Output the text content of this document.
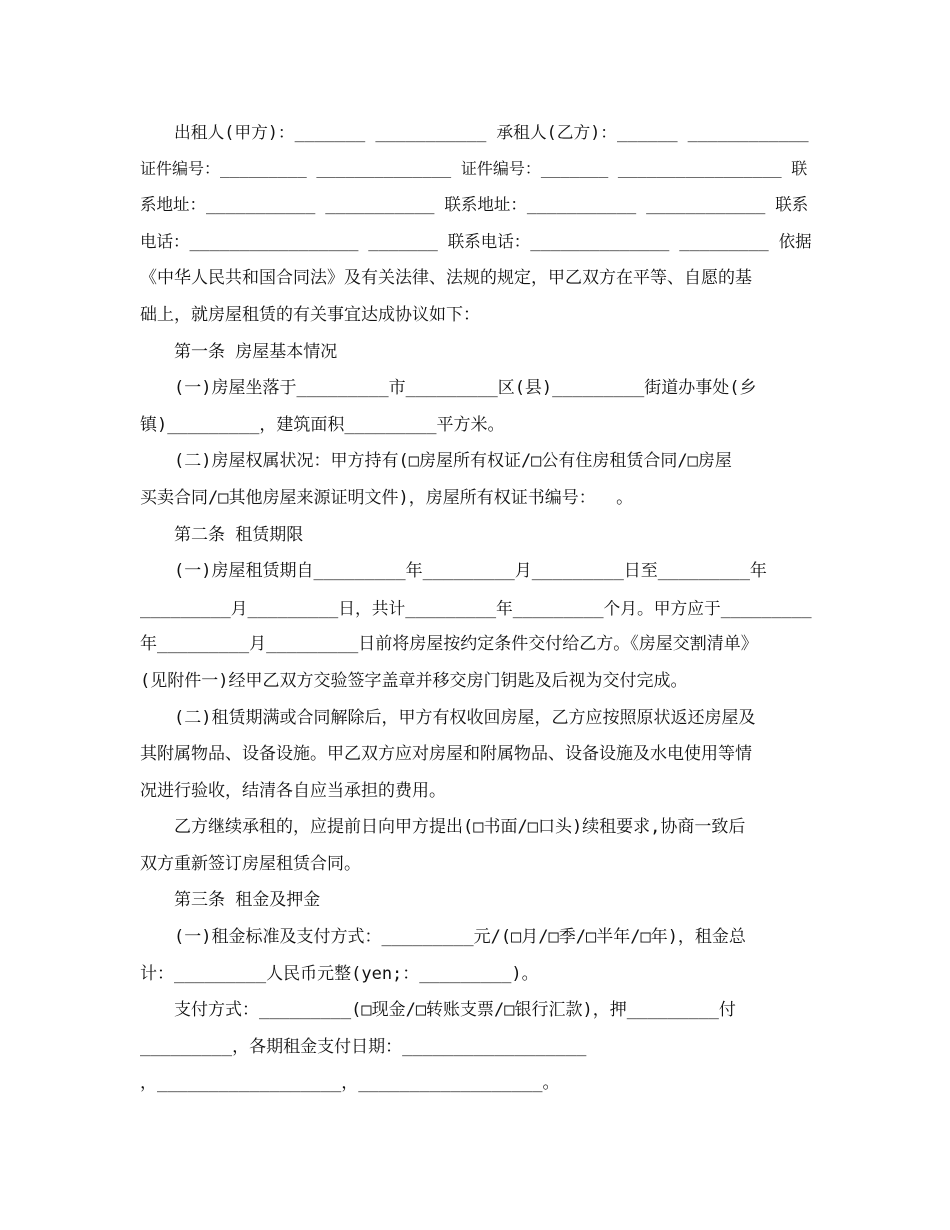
出租人(甲方)：_______ ___________ 承租人(乙方)：______ ____________
证件编号：_________ ______________ 证件编号：_______ _________________ 联
系地址：___________ ___________ 联系地址：___________ ____________ 联系
电话：_________________ _______ 联系电话：______________ _________ 依据
《中华人民共和国合同法》及有关法律、法规的规定，甲乙双方在平等、自愿的基
础上，就房屋租赁的有关事宜达成协议如下：
第一条 房屋基本情况
(一)房屋坐落于_________市_________区(县)_________街道办事处(乡
镇)_________，建筑面积_________平方米。
(二)房屋权属状况：甲方持有(□房屋所有权证/□公有住房租赁合同/□房屋
买卖合同/□其他房屋来源证明文件)，房屋所有权证书编号：  。
第二条 租赁期限
(一)房屋租赁期自_________年_________月_________日至_________年
_________月_________日，共计_________年_________个月。甲方应于_________
年_________月_________日前将房屋按约定条件交付给乙方。《房屋交割清单》
(见附件一)经甲乙双方交验签字盖章并移交房门钥匙及后视为交付完成。
(二)租赁期满或合同解除后，甲方有权收回房屋，乙方应按照原状返还房屋及
其附属物品、设备设施。甲乙双方应对房屋和附属物品、设备设施及水电使用等情
况进行验收，结清各自应当承担的费用。
乙方继续承租的，应提前日向甲方提出(□书面/□口头)续租要求,协商一致后
双方重新签订房屋租赁合同。
第三条 租金及押金
(一)租金标准及支付方式：_________元/(□月/□季/□半年/□年)，租金总
计：_________人民币元整(yen;：_________)。
支付方式：_________(□现金/□转账支票/□银行汇款)，押_________付
_________，各期租金支付日期：__________________
，__________________，__________________。
